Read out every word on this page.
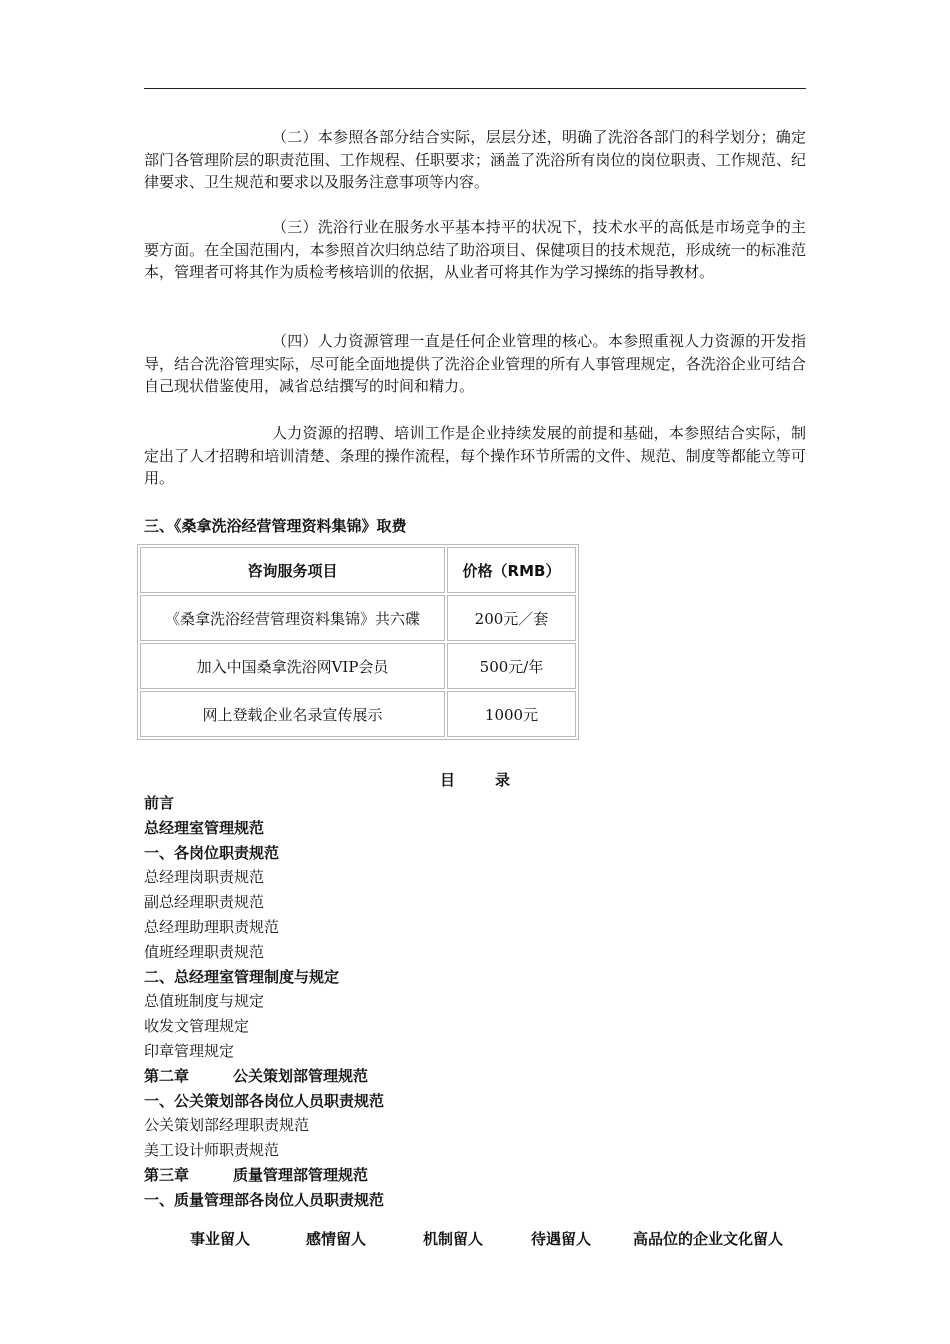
（二）本参照各部分结合实际，层层分述，明确了洗浴各部门的科学划分；确定部门各管理阶层的职责范围、工作规程、任职要求；涵盖了洗浴所有岗位的岗位职责、工作规范、纪律要求、卫生规范和要求以及服务注意事项等内容。

（三）洗浴行业在服务水平基本持平的状况下，技术水平的高低是市场竞争的主要方面。在全国范围内，本参照首次归纳总结了助浴项目、保健项目的技术规范，形成统一的标准范本，管理者可将其作为质检考核培训的依据，从业者可将其作为学习操练的指导教材。

（四）人力资源管理一直是任何企业管理的核心。本参照重视人力资源的开发指导，结合洗浴管理实际，尽可能全面地提供了洗浴企业管理的所有人事管理规定，各洗浴企业可结合自己现状借鉴使用，减省总结撰写的时间和精力。

人力资源的招聘、培训工作是企业持续发展的前提和基础，本参照结合实际，制定出了人才招聘和培训清楚、条理的操作流程，每个操作环节所需的文件、规范、制度等都能立等可用。

三、《桑拿洗浴经营管理资料集锦》取费
咨询服务项目	价格（RMB）
《桑拿洗浴经营管理资料集锦》共六碟	200元／套
加入中国桑拿洗浴网VIP会员	500元/年
网上登载企业名录宣传展示	1000元
目	录
前言
总经理室管理规范
一、各岗位职责规范
总经理岗职责规范
副总经理职责规范
总经理助理职责规范
值班经理职责规范
二、总经理室管理制度与规定
总值班制度与规定
收发文管理规定
印章管理规定
第二章	公关策划部管理规范
一、公关策划部各岗位人员职责规范
公关策划部经理职责规范
美工设计师职责规范
第三章	质量管理部管理规范
一、质量管理部各岗位人员职责规范
事业留人	感情留人	机制留人	待遇留人	高品位的企业文化留人
